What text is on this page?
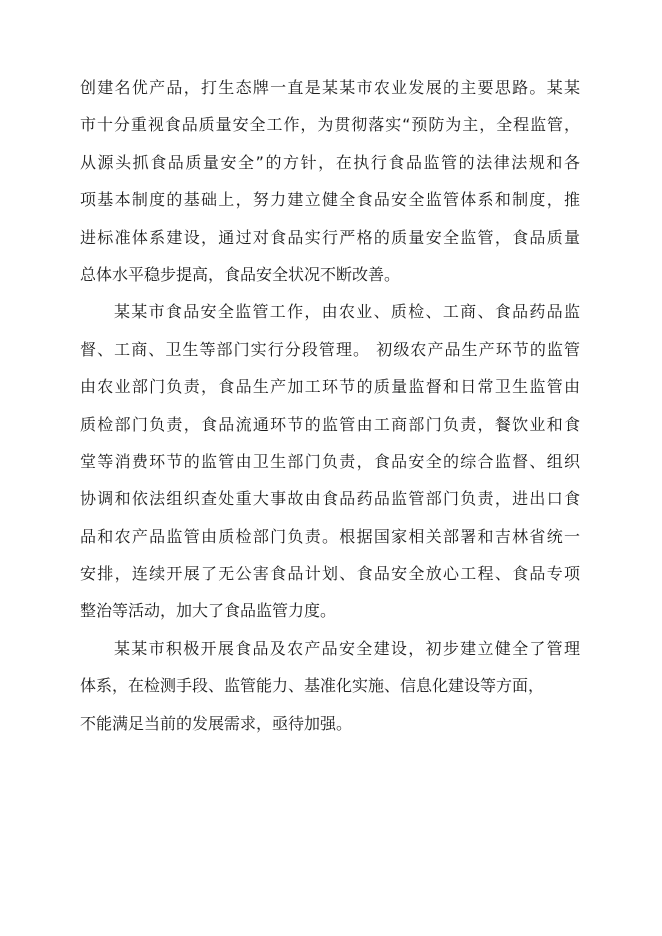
创建名优产品，打生态牌一直是某某市农业发展的主要思路。某某
市十分重视食品质量安全工作，为贯彻落实“预防为主，全程监管，
从源头抓食品质量安全”的方针，在执行食品监管的法律法规和各
项基本制度的基础上，努力建立健全食品安全监管体系和制度，推
进标准体系建设，通过对食品实行严格的质量安全监管，食品质量
总体水平稳步提高，食品安全状况不断改善。
某某市食品安全监管工作，由农业、质检、工商、食品药品监
督、工商、卫生等部门实行分段管理。 初级农产品生产环节的监管
由农业部门负责，食品生产加工环节的质量监督和日常卫生监管由
质检部门负责，食品流通环节的监管由工商部门负责，餐饮业和食
堂等消费环节的监管由卫生部门负责，食品安全的综合监督、组织
协调和依法组织查处重大事故由食品药品监管部门负责，进出口食
品和农产品监管由质检部门负责。根据国家相关部署和吉林省统一
安排，连续开展了无公害食品计划、食品安全放心工程、食品专项
整治等活动，加大了食品监管力度。
某某市积极开展食品及农产品安全建设，初步建立健全了管理
体系，在检测手段、监管能力、基准化实施、信息化建设等方面，
不能满足当前的发展需求，亟待加强。
